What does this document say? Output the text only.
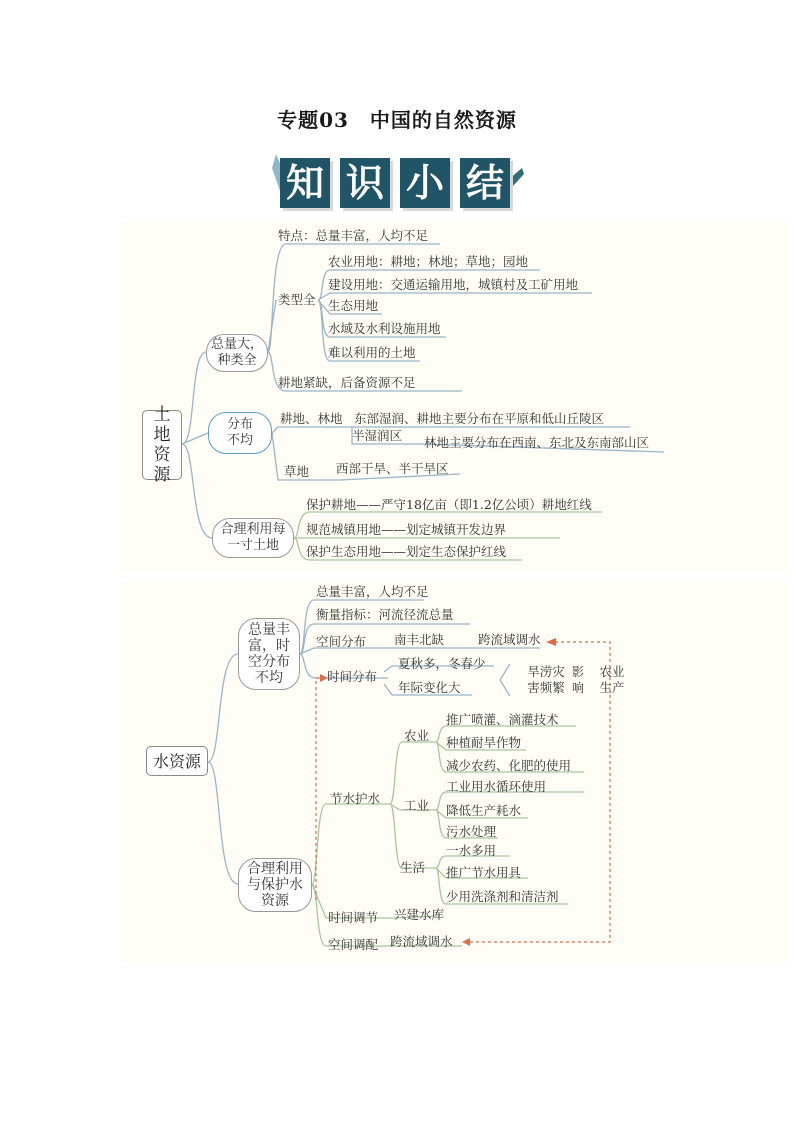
专题03　中国的自然资源
知 识 小 结
土地资源
总量大，种类全
分布不均
合理利用每一寸土地
特点：总量丰富，人均不足
类型全
农业用地：耕地；林地；草地；园地
建设用地：交通运输用地，城镇村及工矿用地
生态用地
水域及水利设施用地
难以利用的土地
耕地紧缺，后备资源不足
耕地、林地 东部湿润、耕地主要分布在平原和低山丘陵区
半湿润区 林地主要分布在西南、东北及东南部山区
草地 西部干旱、半干旱区
保护耕地——严守18亿亩（即1.2亿公顷）耕地红线
规范城镇用地——划定城镇开发边界
保护生态用地——划定生态保护红线
水资源
总量丰富，时空分布不均
合理利用与保护水资源
总量丰富，人均不足
衡量指标：河流径流总量
空间分布 南丰北缺	跨流域调水
时间分布
夏秋多，冬春少
年际变化大
旱涝灾害频繁
影响
农业生产
节水护水
农业
推广喷灌、滴灌技术
种植耐旱作物
减少农药、化肥的使用
工业
工业用水循环使用
降低生产耗水
污水处理
生活
一水多用
推广节水用具
少用洗涤剂和清洁剂
时间调节 兴建水库
空间调配 跨流域调水
